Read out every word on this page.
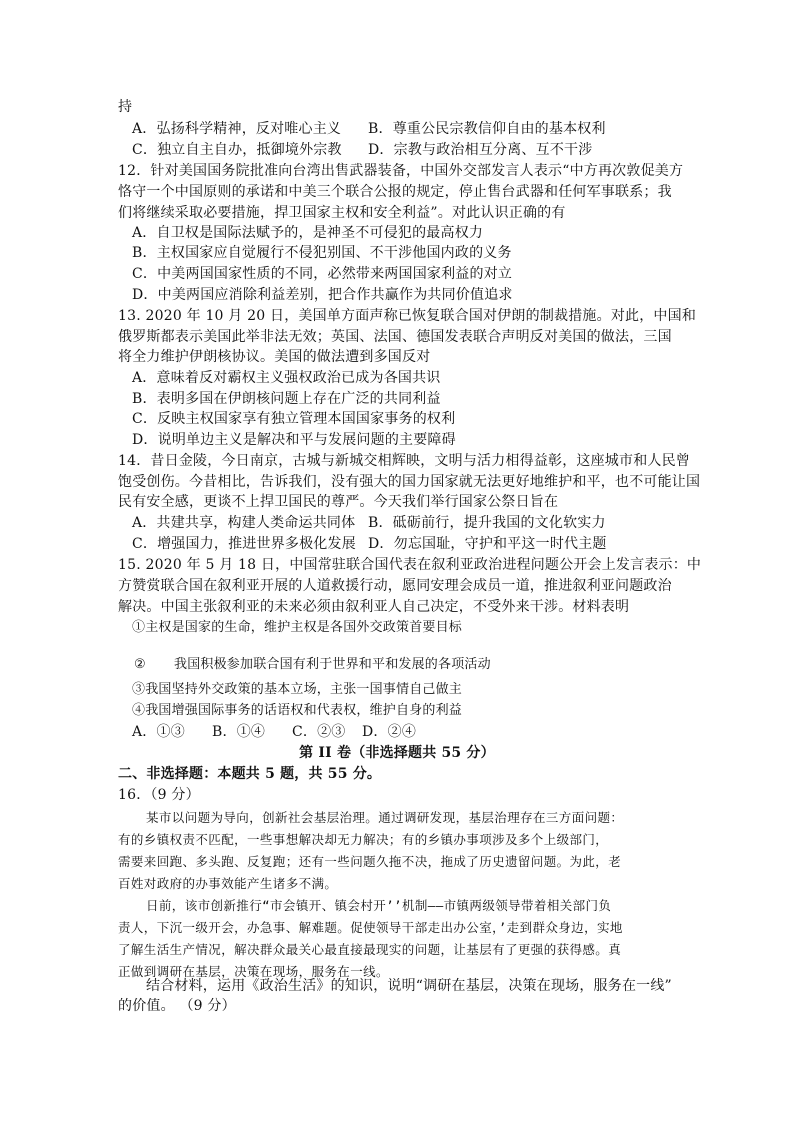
持
A．弘扬科学精神，反对唯心主义 B．尊重公民宗教信仰自由的基本权利
C．独立自主自办，抵御境外宗教 D．宗教与政治相互分离、互不干涉
12．针对美国国务院批准向台湾出售武器装备，中国外交部发言人表示“中方再次敦促美方
恪守一个中国原则的承诺和中美三个联合公报的规定，停止售台武器和任何军事联系；我
们将继续采取必要措施，捍卫国家主权和安全利益”。对此认识正确的有
A．自卫权是国际法赋予的，是神圣不可侵犯的最高权力
B．主权国家应自觉履行不侵犯别国、不干涉他国内政的义务
C．中美两国国家性质的不同，必然带来两国国家利益的对立
D．中美两国应消除利益差别，把合作共赢作为共同价值追求
13. 2020 年 10 月 20 日，美国单方面声称已恢复联合国对伊朗的制裁措施。对此，中国和
俄罗斯都表示美国此举非法无效；英国、法国、德国发表联合声明反对美国的做法，三国
将全力维护伊朗核协议。美国的做法遭到多国反对
A．意味着反对霸权主义强权政治已成为各国共识
B．表明多国在伊朗核问题上存在广泛的共同利益
C．反映主权国家享有独立管理本国国家事务的权利
D．说明单边主义是解决和平与发展问题的主要障碍
14．昔日金陵，今日南京，古城与新城交相辉映，文明与活力相得益彰，这座城市和人民曾
饱受创伤。今昔相比，告诉我们，没有强大的国力国家就无法更好地维护和平，也不可能让国
民有安全感，更谈不上捍卫国民的尊严。今天我们举行国家公祭日旨在
A．共建共享，构建人类命运共同体 B．砥砺前行，提升我国的文化软实力
C．增强国力，推进世界多极化发展 D．勿忘国耻，守护和平这一时代主题
15. 2020 年 5 月 18 日，中国常驻联合国代表在叙利亚政治进程问题公开会上发言表示：中
方赞赏联合国在叙利亚开展的人道救援行动，愿同安理会成员一道，推进叙利亚问题政治
解决。中国主张叙利亚的未来必须由叙利亚人自己决定，不受外来干涉。材料表明
①主权是国家的生命，维护主权是各国外交政策首要目标
② 我国积极参加联合国有利于世界和平和发展的各项活动
③我国坚持外交政策的基本立场，主张一国事情自己做主
④我国增强国际事务的话语权和代表权，维护自身的利益
A．①③ B．①④ C．②③ D．②④
第 II 卷（非选择题共 55 分）
二、非选择题：本题共 5 题，共 55 分。
16．（9 分）
某市以问题为导向，创新社会基层治理。通过调研发现，基层治理存在三方面问题：
有的乡镇权责不匹配，一些事想解决却无力解决；有的乡镇办事项涉及多个上级部门，
需要来回跑、多头跑、反复跑；还有一些问题久拖不决，拖成了历史遗留问题。为此，老
百姓对政府的办事效能产生诸多不满。
日前，该市创新推行“市会镇开、镇会村开’’机制——市镇两级领导带着相关部门负
责人，下沉一级开会，办急事、解难题。促使领导干部走出办公室，’走到群众身边，实地
了解生活生产情况，解决群众最关心最直接最现实的问题，让基层有了更强的获得感。真
正做到调研在基层，决策在现场，服务在一线。
结合材料，运用《政治生活》的知识，说明“调研在基层，决策在现场，服务在一线”
的价值。 （9 分）
